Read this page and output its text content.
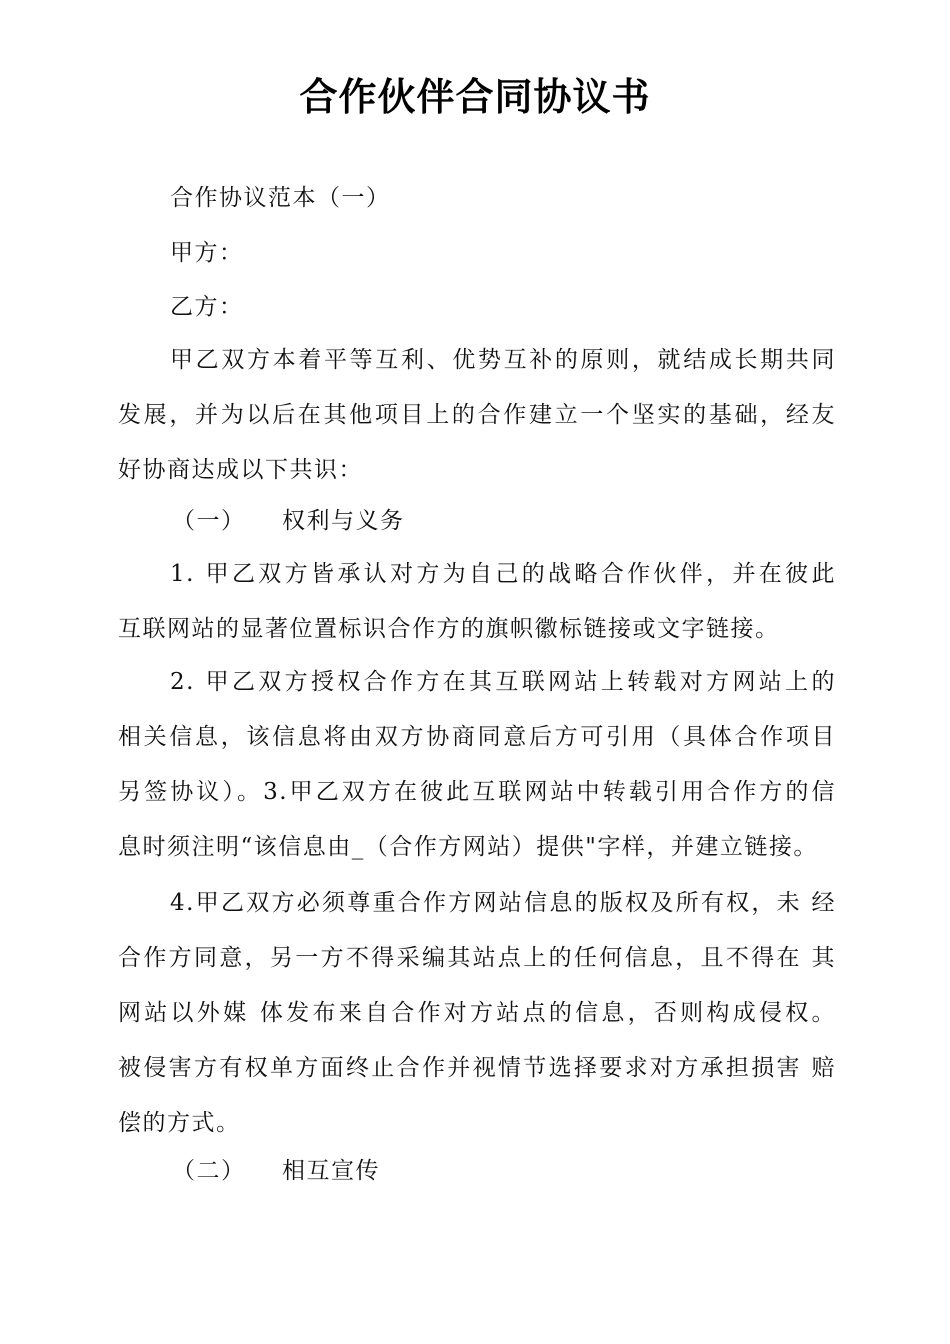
合作伙伴合同协议书
合作协议范本（一）
甲方：
乙方：
甲乙双方本着平等互利、优势互补的原则，就结成长期共同
发展，并为以后在其他项目上的合作建立一个坚实的基础，经友
好协商达成以下共识：
（一） 权利与义务
1. 甲乙双方皆承认对方为自己的战略合作伙伴，并在彼此
互联网站的显著位置标识合作方的旗帜徽标链接或文字链接。
2. 甲乙双方授权合作方在其互联网站上转载对方网站上的
相关信息，该信息将由双方协商同意后方可引用（具体合作项目
另签协议）。3.甲乙双方在彼此互联网站中转载引用合作方的信
息时须注明“该信息由_（合作方网站）提供"字样，并建立链接。
4.甲乙双方必须尊重合作方网站信息的版权及所有权，未 经
合作方同意，另一方不得采编其站点上的任何信息，且不得在 其
网站以外媒 体发布来自合作对方站点的信息，否则构成侵权。
被侵害方有权单方面终止合作并视情节选择要求对方承担损害 赔
偿的方式。
（二） 相互宣传
